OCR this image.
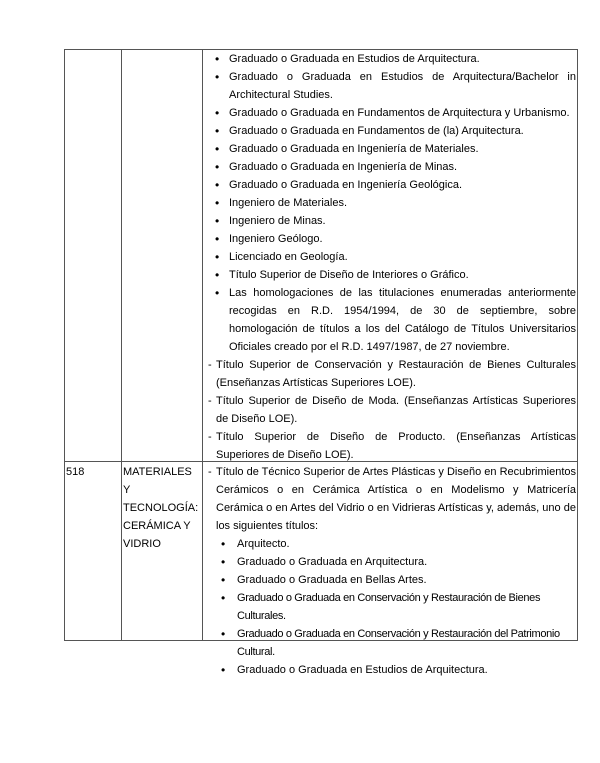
• Graduado o Graduada en Estudios de Arquitectura.
• Graduado o Graduada en Estudios de Arquitectura/Bachelor in Architectural Studies.
• Graduado o Graduada en Fundamentos de Arquitectura y Urbanismo.
• Graduado o Graduada en Fundamentos de (la) Arquitectura.
• Graduado o Graduada en Ingeniería de Materiales.
• Graduado o Graduada en Ingeniería de Minas.
• Graduado o Graduada en Ingeniería Geológica.
• Ingeniero de Materiales.
• Ingeniero de Minas.
• Ingeniero Geólogo.
• Licenciado en Geología.
• Título Superior de Diseño de Interiores o Gráfico.
• Las homologaciones de las titulaciones enumeradas anteriormente recogidas en R.D. 1954/1994, de 30 de septiembre, sobre homologación de títulos a los del Catálogo de Títulos Universitarios Oficiales creado por el R.D. 1497/1987, de 27 noviembre.
- Título Superior de Conservación y Restauración de Bienes Culturales (Enseñanzas Artísticas Superiores LOE).
- Título Superior de Diseño de Moda. (Enseñanzas Artísticas Superiores de Diseño LOE).
- Título Superior de Diseño de Producto. (Enseñanzas Artísticas Superiores de Diseño LOE).
518	MATERIALES Y TECNOLOGÍA: CERÁMICA Y VIDRIO
- Título de Técnico Superior de Artes Plásticas y Diseño en Recubrimientos Cerámicos o en Cerámica Artística o en Modelismo y Matricería Cerámica o en Artes del Vidrio o en Vidrieras Artísticas y, además, uno de los siguientes títulos:
• Arquitecto.
• Graduado o Graduada en Arquitectura.
• Graduado o Graduada en Bellas Artes.
• Graduado o Graduada en Conservación y Restauración de Bienes Culturales.
• Graduado o Graduada en Conservación y Restauración del Patrimonio Cultural.
• Graduado o Graduada en Estudios de Arquitectura.
